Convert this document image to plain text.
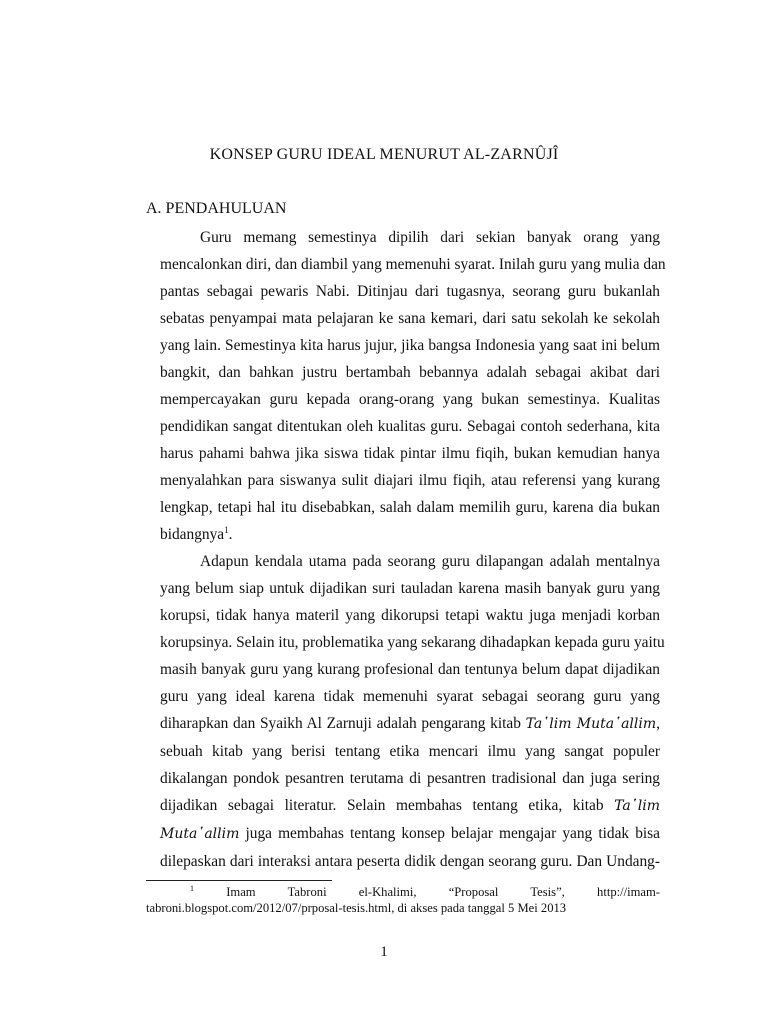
KONSEP GURU IDEAL MENURUT AL-ZARNÛJÎ
A. PENDAHULUAN

Guru memang semestinya dipilih dari sekian banyak orang yang
mencalonkan diri, dan diambil yang memenuhi syarat. Inilah guru yang mulia dan
pantas sebagai pewaris Nabi. Ditinjau dari tugasnya, seorang guru bukanlah
sebatas penyampai mata pelajaran ke sana kemari, dari satu sekolah ke sekolah
yang lain. Semestinya kita harus jujur, jika bangsa Indonesia yang saat ini belum
bangkit, dan bahkan justru bertambah bebannya adalah sebagai akibat dari
mempercayakan guru kepada orang-orang yang bukan semestinya. Kualitas
pendidikan sangat ditentukan oleh kualitas guru. Sebagai contoh sederhana, kita
harus pahami bahwa jika siswa tidak pintar ilmu fiqih, bukan kemudian hanya
menyalahkan para siswanya sulit diajari ilmu fiqih, atau referensi yang kurang
lengkap, tetapi hal itu disebabkan, salah dalam memilih guru, karena dia bukan
bidangnya$^1$.

Adapun kendala utama pada seorang guru dilapangan adalah mentalnya
yang belum siap untuk dijadikan suri tauladan karena masih banyak guru yang
korupsi, tidak hanya materil yang dikorupsi tetapi waktu juga menjadi korban
korupsinya. Selain itu, problematika yang sekarang dihadapkan kepada guru yaitu
masih banyak guru yang kurang profesional dan tentunya belum dapat dijadikan
guru yang ideal karena tidak memenuhi syarat sebagai seorang guru yang
diharapkan dan Syaikh Al Zarnuji adalah pengarang kitab Ta῾lim Muta῾allim,
sebuah kitab yang berisi tentang etika mencari ilmu yang sangat populer
dikalangan pondok pesantren terutama di pesantren tradisional dan juga sering
dijadikan sebagai literatur. Selain membahas tentang etika, kitab Ta῾lim
Muta῾allim juga membahas tentang konsep belajar mengajar yang tidak bisa
dilepaskan dari interaksi antara peserta didik dengan seorang guru. Dan Undang-

$^1$	Imam Tabroni el-Khalimi, “Proposal Tesis”, http://imam-
tabroni.blogspot.com/2012/07/prposal-tesis.html, di akses pada tanggal 5 Mei 2013
1
